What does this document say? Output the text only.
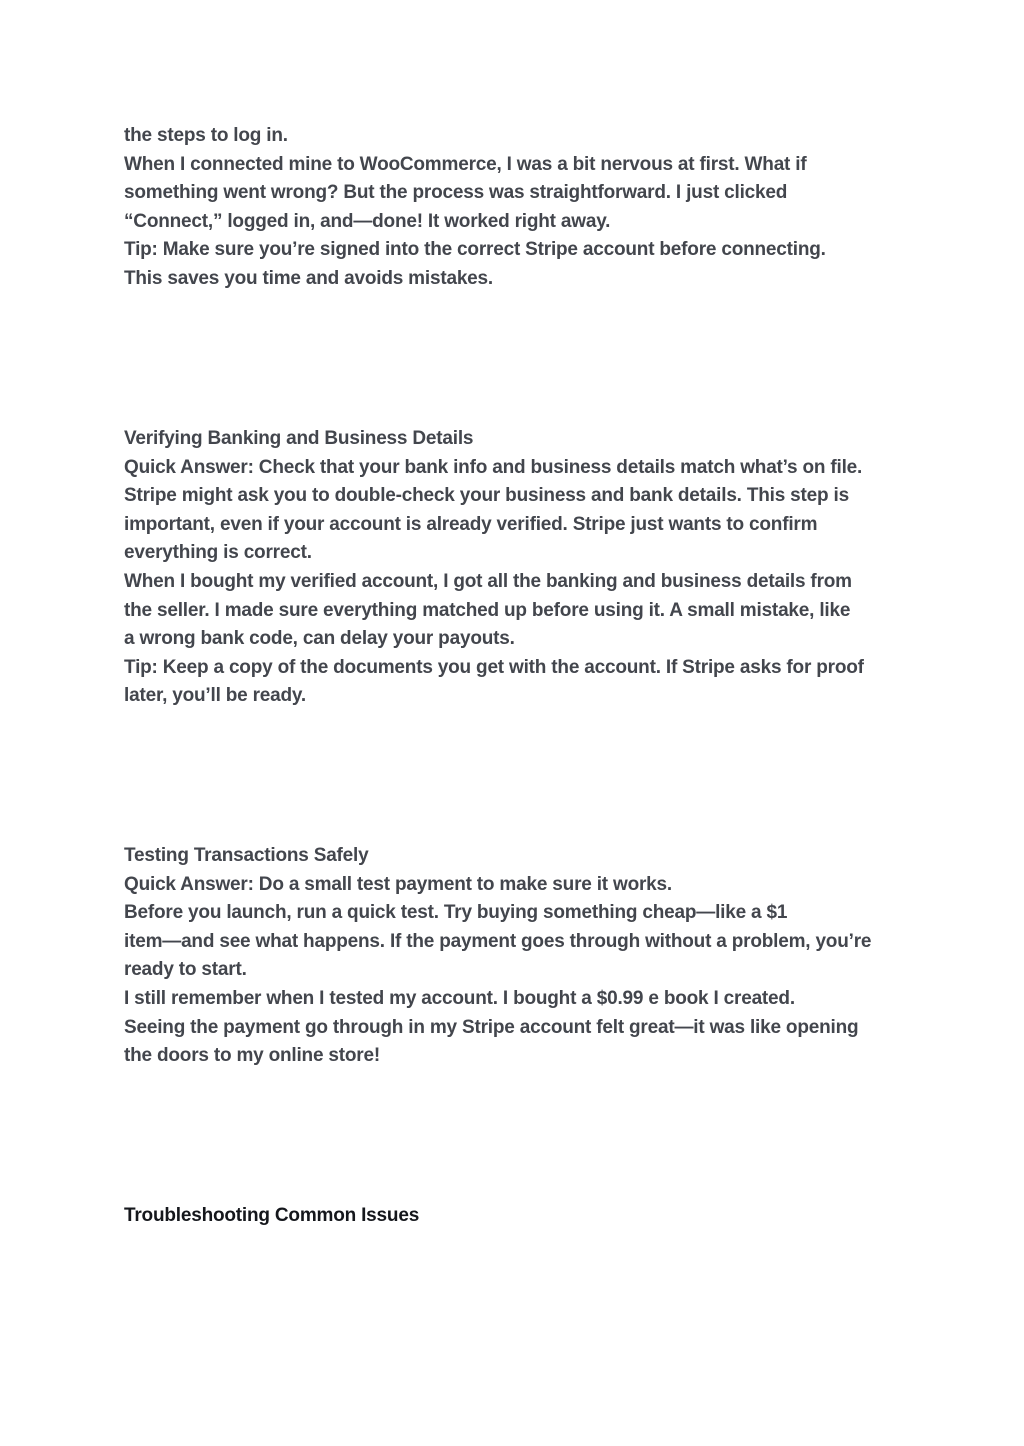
the steps to log in.
When I connected mine to WooCommerce, I was a bit nervous at first. What if
something went wrong? But the process was straightforward. I just clicked
“Connect,” logged in, and—done! It worked right away.
Tip: Make sure you’re signed into the correct Stripe account before connecting.
This saves you time and avoids mistakes.
Verifying Banking and Business Details
Quick Answer: Check that your bank info and business details match what’s on file.
Stripe might ask you to double-check your business and bank details. This step is
important, even if your account is already verified. Stripe just wants to confirm
everything is correct.
When I bought my verified account, I got all the banking and business details from
the seller. I made sure everything matched up before using it. A small mistake, like
a wrong bank code, can delay your payouts.
Tip: Keep a copy of the documents you get with the account. If Stripe asks for proof
later, you’ll be ready.
Testing Transactions Safely
Quick Answer: Do a small test payment to make sure it works.
Before you launch, run a quick test. Try buying something cheap—like a $1
item—and see what happens. If the payment goes through without a problem, you’re
ready to start.
I still remember when I tested my account. I bought a $0.99 e book I created.
Seeing the payment go through in my Stripe account felt great—it was like opening
the doors to my online store!
Troubleshooting Common Issues
